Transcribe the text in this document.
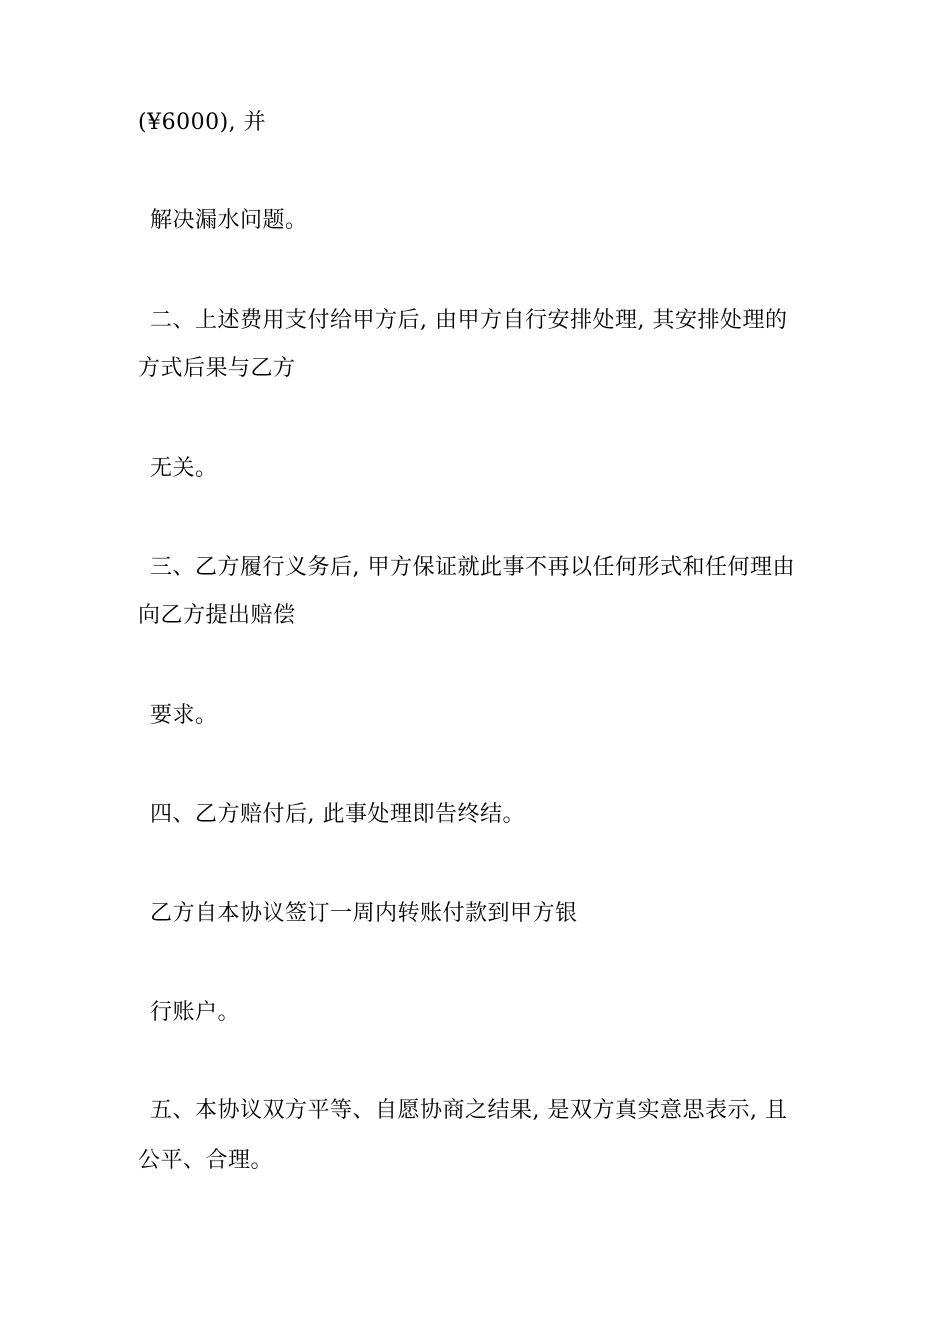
(¥6000), 并
解决漏水问题。
二、上述费用支付给甲方后, 由甲方自行安排处理, 其安排处理的
方式后果与乙方
无关。
三、乙方履行义务后, 甲方保证就此事不再以任何形式和任何理由
向乙方提出赔偿
要求。
四、乙方赔付后, 此事处理即告终结。
乙方自本协议签订一周内转账付款到甲方银
行账户。
五、本协议双方平等、自愿协商之结果, 是双方真实意思表示, 且
公平、合理。
